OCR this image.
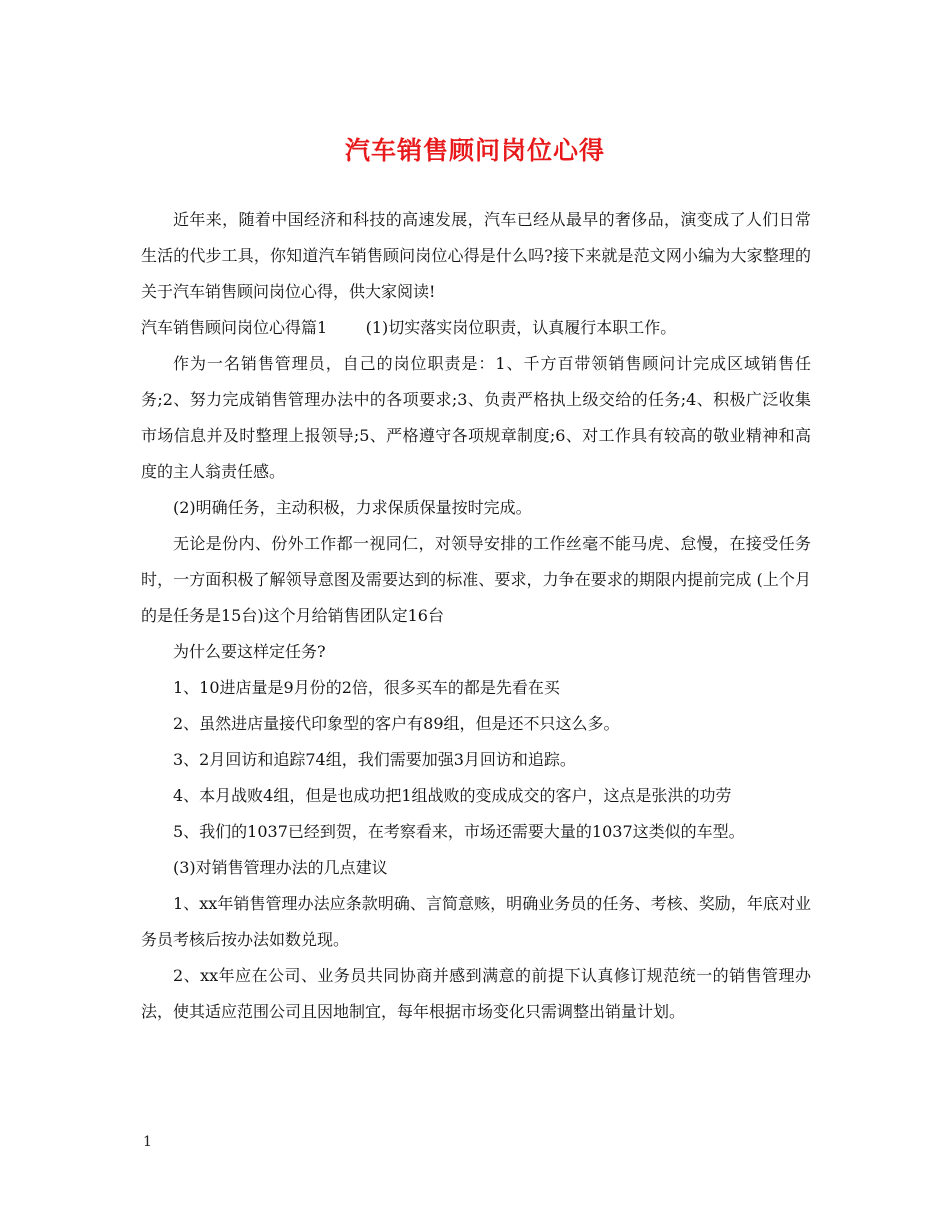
汽车销售顾问岗位心得

近年来，随着中国经济和科技的高速发展，汽车已经从最早的奢侈品，演变成了人们日常生活的代步工具，你知道汽车销售顾问岗位心得是什么吗?接下来就是范文网小编为大家整理的关于汽车销售顾问岗位心得，供大家阅读!

汽车销售顾问岗位心得篇1 (1)切实落实岗位职责，认真履行本职工作。

作为一名销售管理员，自己的岗位职责是：1、千方百带领销售顾问计完成区域销售任务;2、努力完成销售管理办法中的各项要求;3、负责严格执上级交给的任务;4、积极广泛收集市场信息并及时整理上报领导;5、严格遵守各项规章制度;6、对工作具有较高的敬业精神和高度的主人翁责任感。

(2)明确任务，主动积极，力求保质保量按时完成。

无论是份内、份外工作都一视同仁，对领导安排的工作丝毫不能马虎、怠慢，在接受任务时，一方面积极了解领导意图及需要达到的标准、要求，力争在要求的期限内提前完成 (上个月的是任务是15台)这个月给销售团队定16台

为什么要这样定任务?

1、10进店量是9月份的2倍，很多买车的都是先看在买

2、虽然进店量接代印象型的客户有89组，但是还不只这么多。

3、2月回访和追踪74组，我们需要加强3月回访和追踪。

4、本月战败4组，但是也成功把1组战败的变成成交的客户，这点是张洪的功劳

5、我们的1037已经到贺，在考察看来，市场还需要大量的1037这类似的车型。

(3)对销售管理办法的几点建议

1、xx年销售管理办法应条款明确、言简意赅，明确业务员的任务、考核、奖励，年底对业务员考核后按办法如数兑现。

2、xx年应在公司、业务员共同协商并感到满意的前提下认真修订规范统一的销售管理办法，使其适应范围公司且因地制宜，每年根据市场变化只需调整出销量计划。

1
